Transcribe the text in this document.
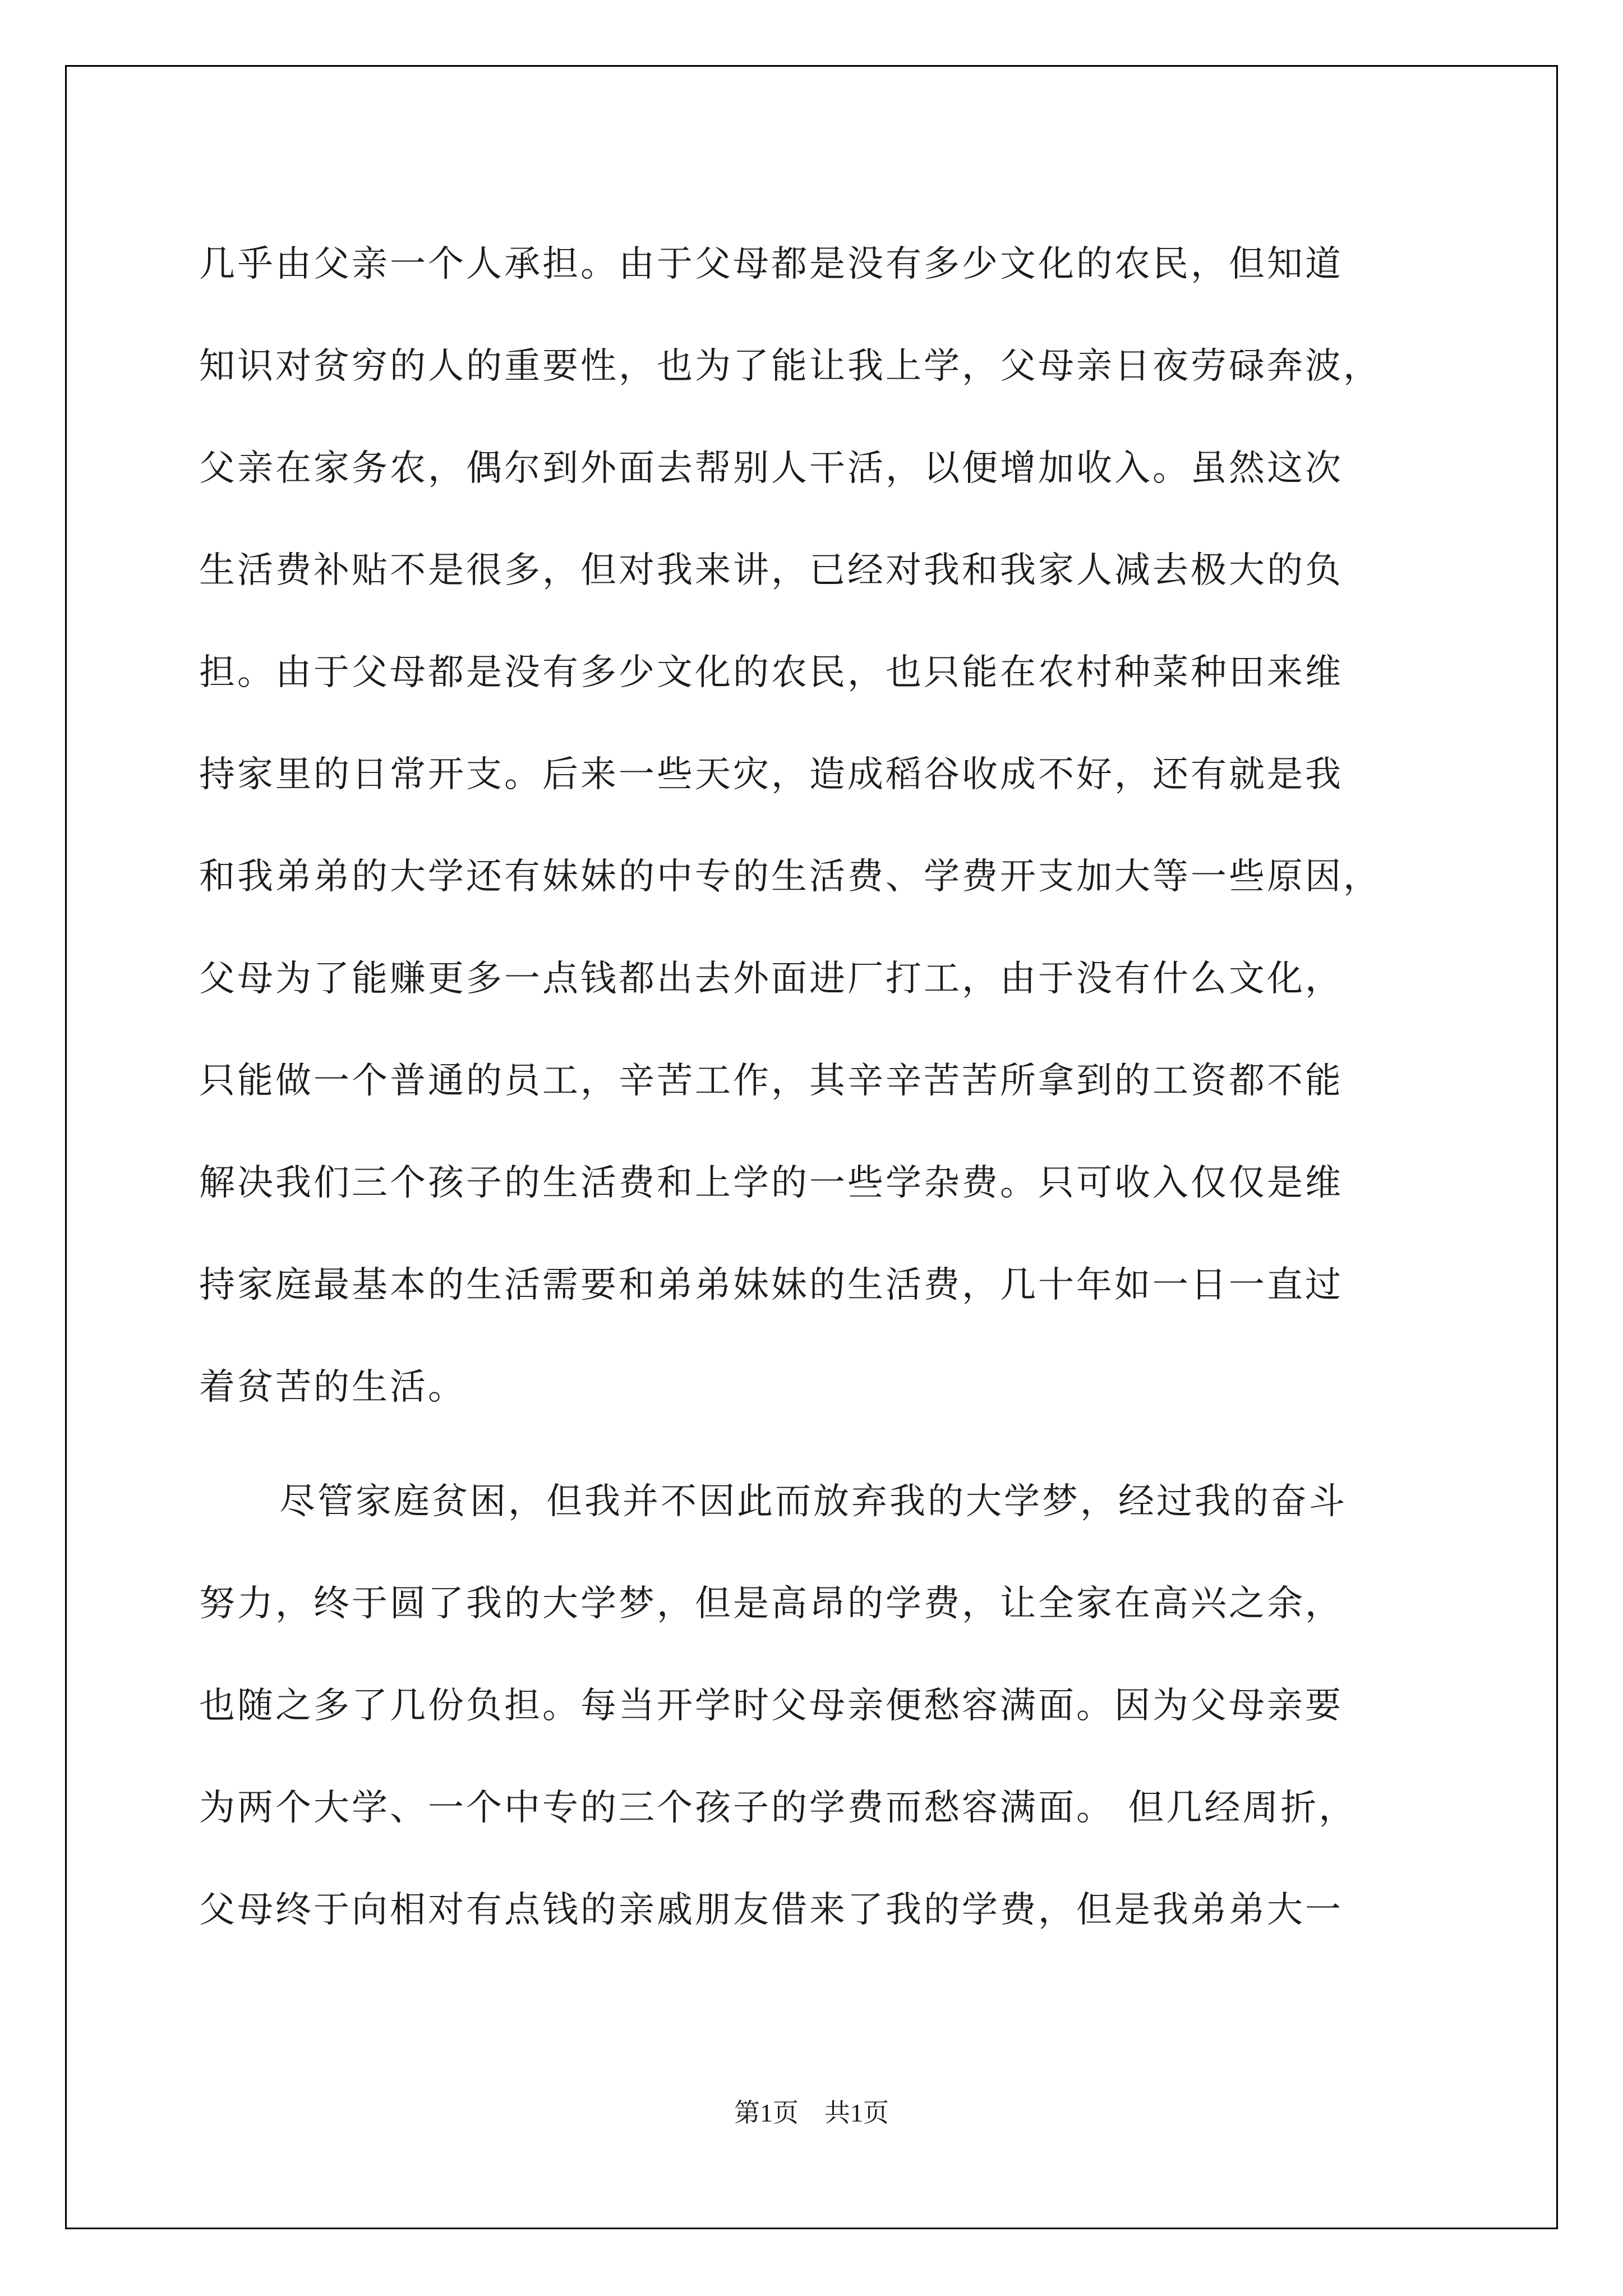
几乎由父亲一个人承担。由于父母都是没有多少文化的农民，但知道
知识对贫穷的人的重要性，也为了能让我上学，父母亲日夜劳碌奔波，
父亲在家务农，偶尔到外面去帮别人干活，以便增加收入。虽然这次
生活费补贴不是很多，但对我来讲，已经对我和我家人减去极大的负
担。由于父母都是没有多少文化的农民，也只能在农村种菜种田来维
持家里的日常开支。后来一些天灾，造成稻谷收成不好，还有就是我
和我弟弟的大学还有妹妹的中专的生活费、学费开支加大等一些原因，
父母为了能赚更多一点钱都出去外面进厂打工，由于没有什么文化，
只能做一个普通的员工，辛苦工作，其辛辛苦苦所拿到的工资都不能
解决我们三个孩子的生活费和上学的一些学杂费。只可收入仅仅是维
持家庭最基本的生活需要和弟弟妹妹的生活费，几十年如一日一直过
着贫苦的生活。
尽管家庭贫困，但我并不因此而放弃我的大学梦，经过我的奋斗
努力，终于圆了我的大学梦，但是高昂的学费，让全家在高兴之余，
也随之多了几份负担。每当开学时父母亲便愁容满面。因为父母亲要
为两个大学、一个中专的三个孩子的学费而愁容满面。 但几经周折，
父母终于向相对有点钱的亲戚朋友借来了我的学费，但是我弟弟大一
第1页　共1页
